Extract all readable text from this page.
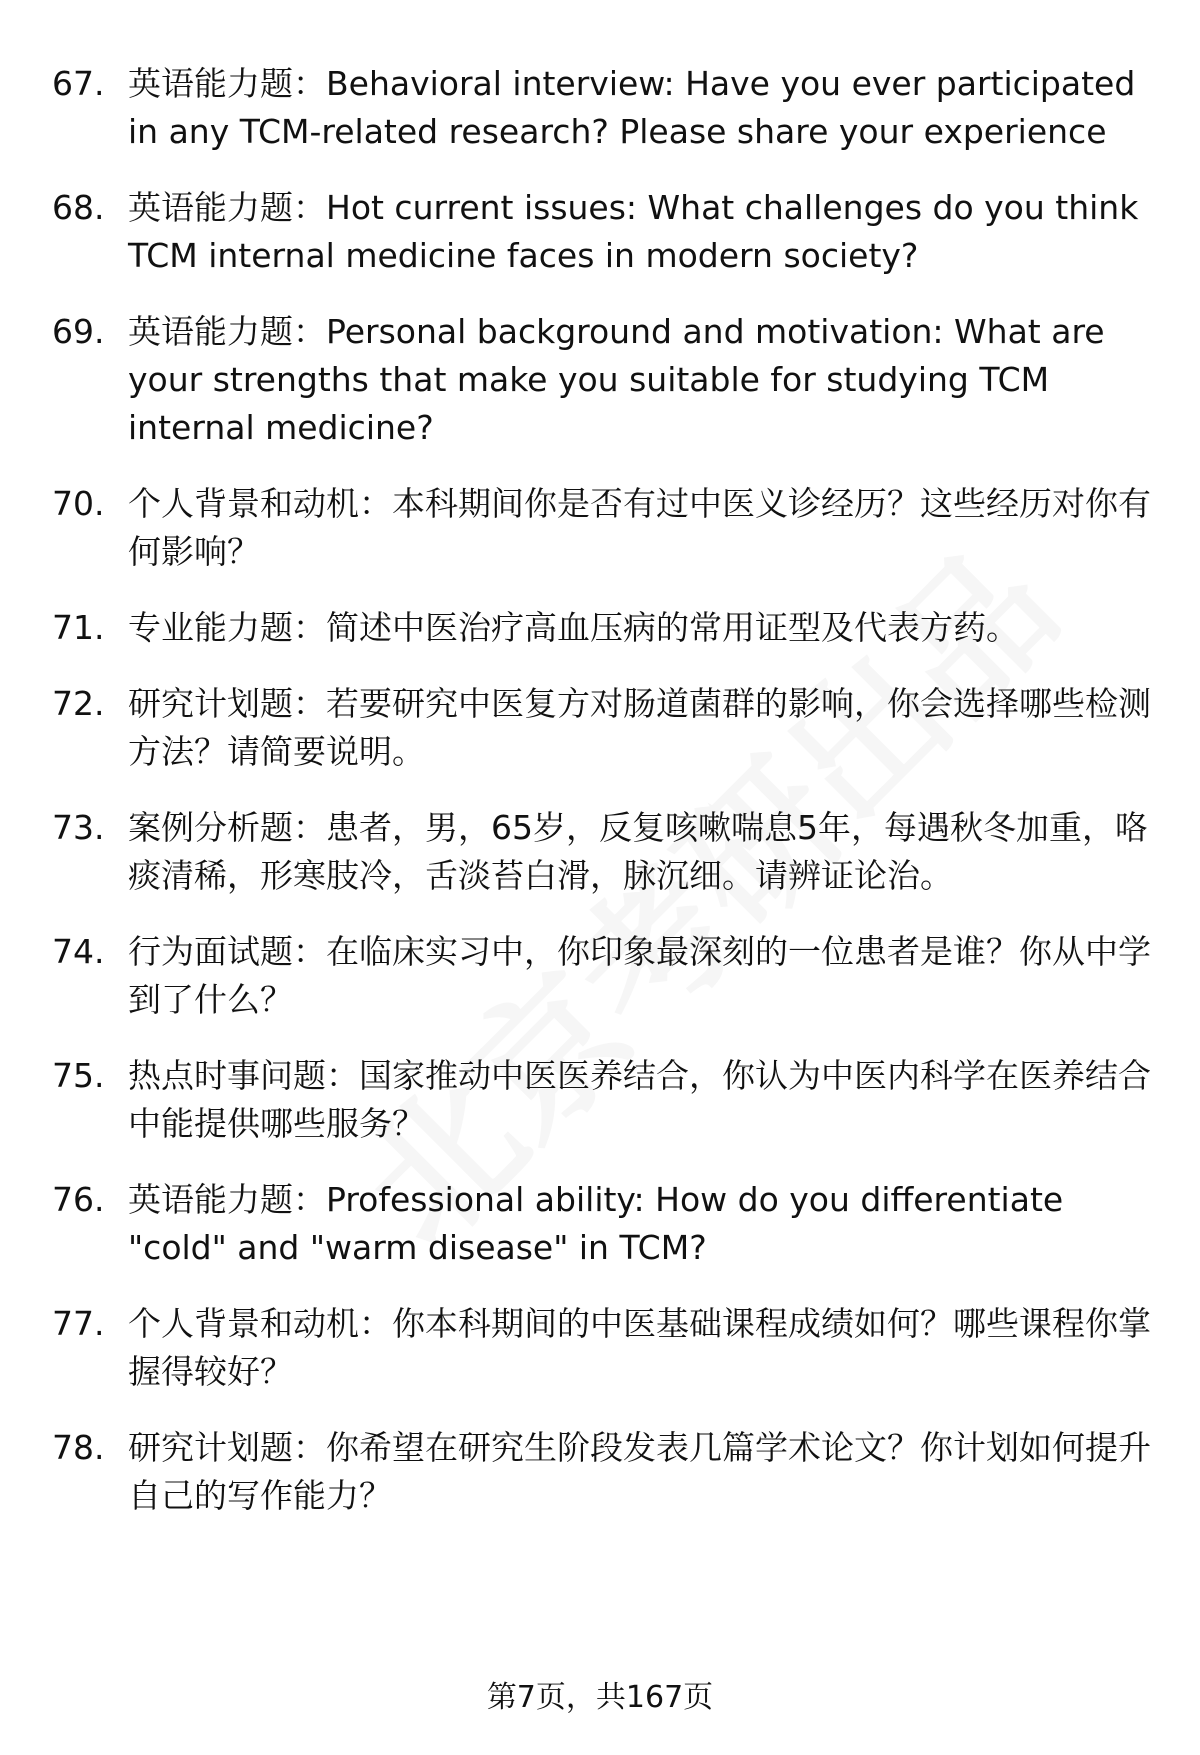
67. 英语能力题：Behavioral interview: Have you ever participated in any TCM-related research? Please share your experience
68. 英语能力题：Hot current issues: What challenges do you think TCM internal medicine faces in modern society?
69. 英语能力题：Personal background and motivation: What are your strengths that make you suitable for studying TCM internal medicine?
70. 个人背景和动机：本科期间你是否有过中医义诊经历？这些经历对你有何影响？
71. 专业能力题：简述中医治疗高血压病的常用证型及代表方药。
72. 研究计划题：若要研究中医复方对肠道菌群的影响，你会选择哪些检测方法？请简要说明。
73. 案例分析题：患者，男，65岁，反复咳嗽喘息5年，每遇秋冬加重，咯痰清稀，形寒肢冷，舌淡苔白滑，脉沉细。请辨证论治。
74. 行为面试题：在临床实习中，你印象最深刻的一位患者是谁？你从中学到了什么？
75. 热点时事问题：国家推动中医医养结合，你认为中医内科学在医养结合中能提供哪些服务？
76. 英语能力题：Professional ability: How do you differentiate "cold" and "warm disease" in TCM?
77. 个人背景和动机：你本科期间的中医基础课程成绩如何？哪些课程你掌握得较好？
78. 研究计划题：你希望在研究生阶段发表几篇学术论文？你计划如何提升自己的写作能力？
第7页，共167页
